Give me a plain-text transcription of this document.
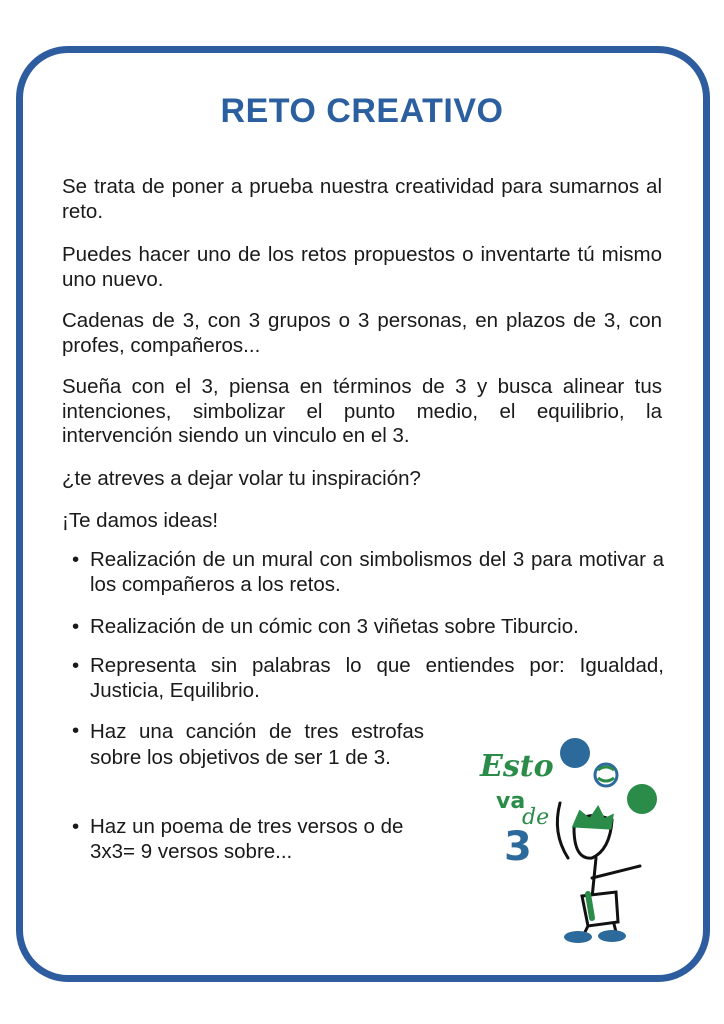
RETO CREATIVO
Se trata de poner a prueba nuestra creatividad para sumarnos al reto.
Puedes hacer uno de los retos propuestos o inventarte tú mismo uno nuevo.
Cadenas de 3, con 3 grupos o 3 personas, en plazos de 3, con profes, compañeros...
Sueña con el 3, piensa en términos de 3 y busca alinear tus intenciones, simbolizar el punto medio, el equilibrio, la intervención siendo un vinculo en el 3.
¿te atreves a dejar volar tu inspiración?
¡Te damos ideas!
• Realización de un mural con simbolismos del 3 para motivar a los compañeros a los retos.
• Realización de un cómic con 3 viñetas sobre Tiburcio.
• Representa sin palabras lo que entiendes por: Igualdad, Justicia, Equilibrio.
• Haz una canción de tres estrofas sobre los objetivos de ser 1 de 3.
• Haz un poema de tres versos o de 3x3= 9 versos sobre...
Esto
va
de
3
